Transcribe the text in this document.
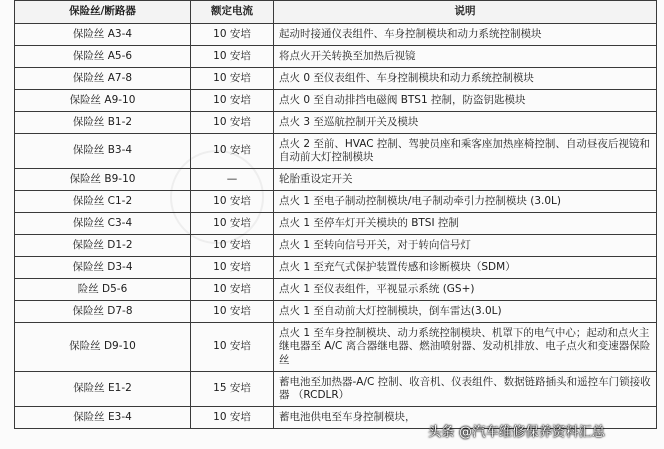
保险丝/断路器	额定电流	说明
保险丝 A3-4	10 安培	起动时接通仪表组件、车身控制模块和动力系统控制模块
保险丝 A5-6	10 安培	将点火开关转换至加热后视镜
保险丝 A7-8	10 安培	点火 0 至仪表组件、车身控制模块和动力系统控制模块
保险丝 A9-10	10 安培	点火 0 至自动排挡电磁阀 BTS1 控制，防盗钥匙模块
保险丝 B1-2	10 安培	点火 3 至巡航控制开关及模块
保险丝 B3-4	10 安培	点火 2 至前、HVAC 控制、驾驶员座和乘客座加热座椅控制、自动昼夜后视镜和自动前大灯控制模块
保险丝 B9-10	—	轮胎重设定开关
保险丝 C1-2	10 安培	点火 1 至电子制动控制模块/电子制动牵引力控制模块 (3.0L)
保险丝 C3-4	10 安培	点火 1 至停车灯开关模块的 BTSI 控制
保险丝 D1-2	10 安培	点火 1 至转向信号开关，对于转向信号灯
保险丝 D3-4	10 安培	点火 1 至充气式保护装置传感和诊断模块（SDM）
险丝 D5-6	10 安培	点火 1 至仪表组件，平视显示系统 (GS+)
保险丝 D7-8	10 安培	点火 1 至自动前大灯控制模块，倒车雷达(3.0L)
保险丝 D9-10	10 安培	点火 1 至车身控制模块、动力系统控制模块、机罩下的电气中心；起动和点火主继电器至 A/C 离合器继电器、燃油喷射器、发动机排放、电子点火和变速器保险丝
保险丝 E1-2	15 安培	蓄电池至加热器-A/C 控制、收音机、仪表组件、数据链路插头和遥控车门锁接收器 （RCDLR）
保险丝 E3-4	10 安培	蓄电池供电至车身控制模块，
头条 @汽车维修保养资料汇总
